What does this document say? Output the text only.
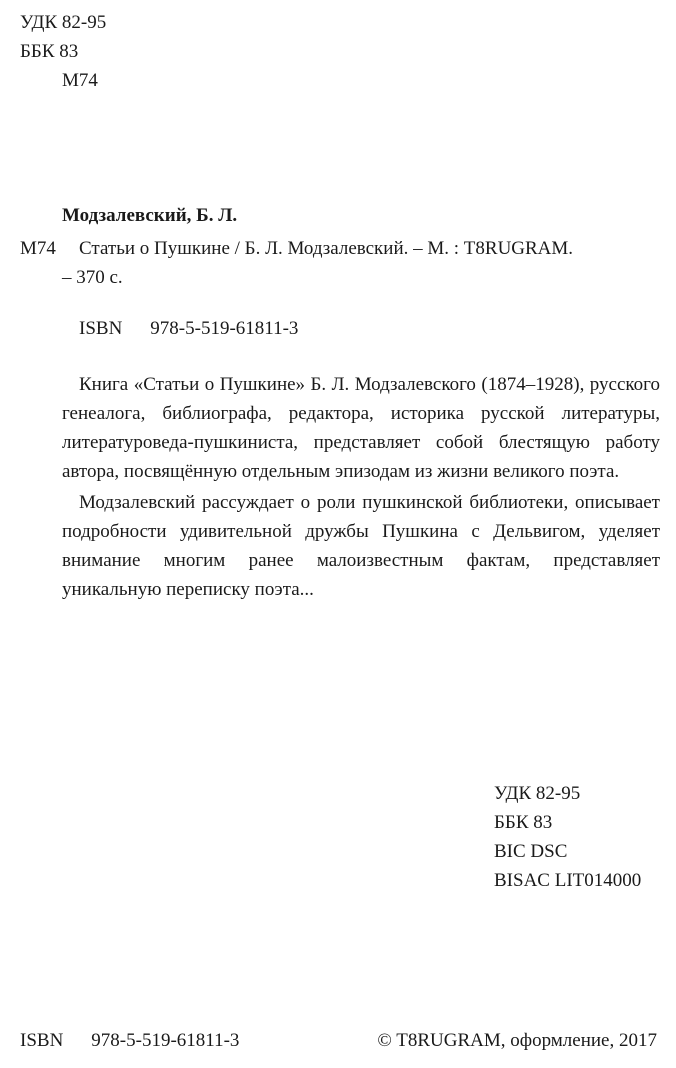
УДК 82-95
ББК 83
М74
Модзалевский, Б. Л.
М74 Статьи о Пушкине / Б. Л. Модзалевский. – М. : T8RUGRAM.
– 370 с.
ISBN 978-5-519-61811-3

Книга «Статьи о Пушкине» Б. Л. Модзалевского (1874–1928), русского генеалога, библиографа, редактора, историка русской литературы, литературоведа-пушкиниста, представляет собой блестящую работу автора, посвящённую отдельным эпизодам из жизни великого поэта.

Модзалевский рассуждает о роли пушкинской библиотеки, описывает подробности удивительной дружбы Пушкина с Дельвигом, уделяет внимание многим ранее малоизвестным фактам, представляет уникальную переписку поэта...

УДК 82-95
ББК 83
BIC DSC
BISAC LIT014000
ISBN 978-5-519-61811-3	© T8RUGRAM, оформление, 2017
